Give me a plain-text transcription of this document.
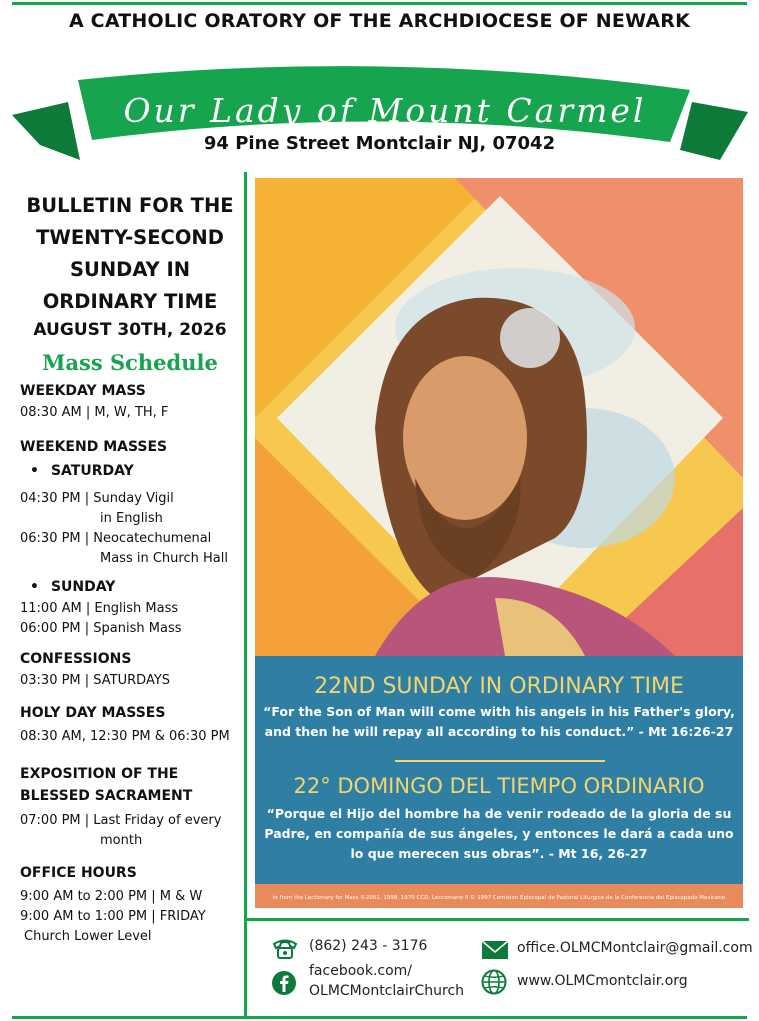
A CATHOLIC ORATORY OF THE ARCHDIOCESE OF NEWARK
Our Lady of Mount Carmel
94 Pine Street Montclair NJ, 07042
BULLETIN FOR THE
TWENTY-SECOND
SUNDAY IN
ORDINARY TIME
AUGUST 30TH, 2026
Mass Schedule
WEEKDAY MASS
08:30 AM | M, W, TH, F
WEEKEND MASSES
• SATURDAY
04:30 PM | Sunday Vigil
in English
06:30 PM | Neocatechumenal
Mass in Church Hall
• SUNDAY
11:00 AM | English Mass
06:00 PM | Spanish Mass
CONFESSIONS
03:30 PM | SATURDAYS
HOLY DAY MASSES
08:30 AM, 12:30 PM & 06:30 PM
EXPOSITION OF THE
BLESSED SACRAMENT
07:00 PM | Last Friday of every
month
OFFICE HOURS
9:00 AM to 2:00 PM | M & W
9:00 AM to 1:00 PM | FRIDAY
Church Lower Level
22ND SUNDAY IN ORDINARY TIME
“For the Son of Man will come with his angels in his Father's glory,
and then he will repay all according to his conduct.” - Mt 16:26-27
22° DOMINGO DEL TIEMPO ORDINARIO
“Porque el Hijo del hombre ha de venir rodeado de la gloria de su
Padre, en compañía de sus ángeles, y entonces le dará a cada uno
lo que merecen sus obras”. - Mt 16, 26-27
ts from the Lectionary for Mass ©2001, 1998, 1970 CCD. Leccionario II © 1997 Comisión Episcopal de Pastoral Litúrgica de la Conferencia del Episcopado Mexicano
(862) 243 - 3176
facebook.com/
OLMCMontclairChurch
office.OLMCMontclair@gmail.com
www.OLMCmontclair.org
